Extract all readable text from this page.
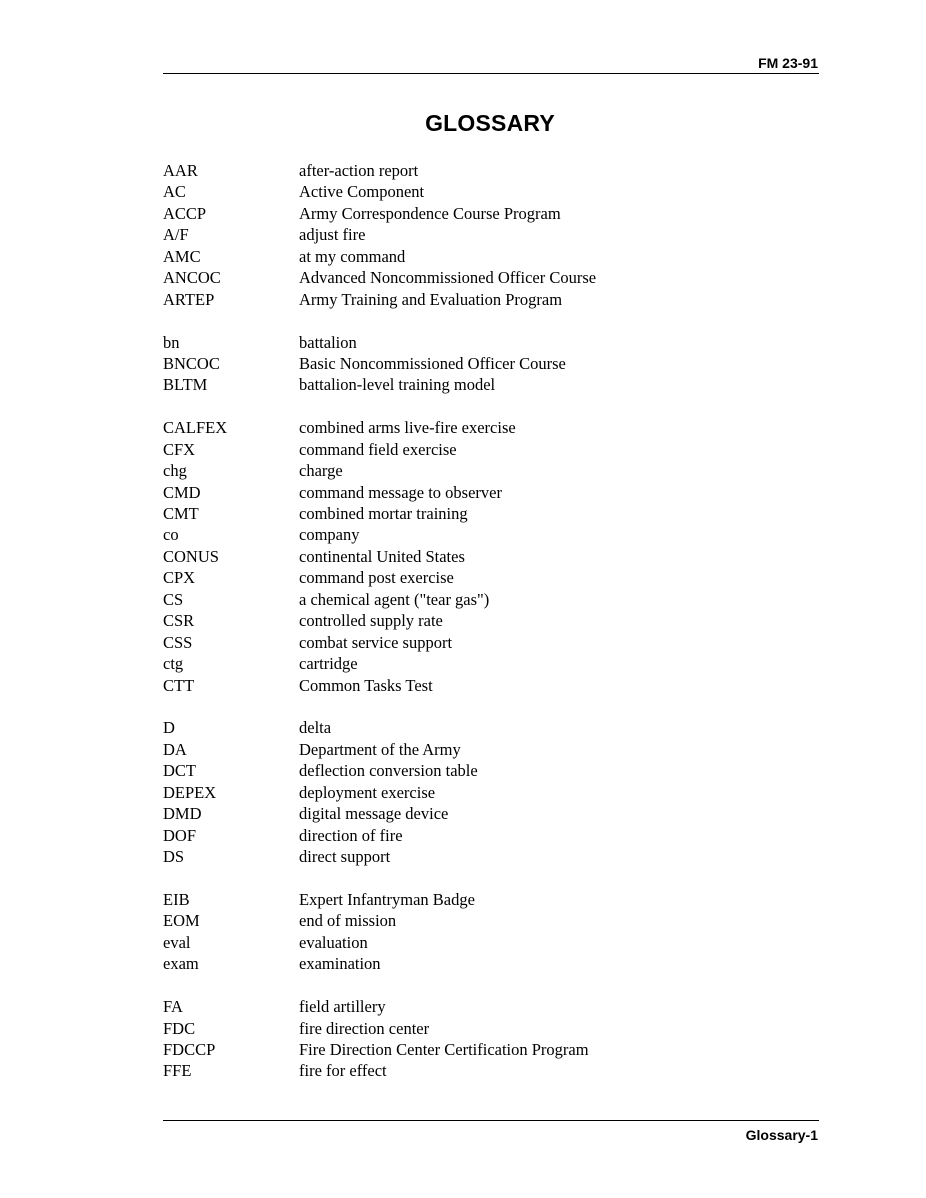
FM 23-91
GLOSSARY
AAR	after-action report
AC	Active Component
ACCP	Army Correspondence Course Program
A/F	adjust fire
AMC	at my command
ANCOC	Advanced Noncommissioned Officer Course
ARTEP	Army Training and Evaluation Program
bn	battalion
BNCOC	Basic Noncommissioned Officer Course
BLTM	battalion-level training model
CALFEX	combined arms live-fire exercise
CFX	command field exercise
chg	charge
CMD	command message to observer
CMT	combined mortar training
co	company
CONUS	continental United States
CPX	command post exercise
CS	a chemical agent ("tear gas")
CSR	controlled supply rate
CSS	combat service support
ctg	cartridge
CTT	Common Tasks Test
D	delta
DA	Department of the Army
DCT	deflection conversion table
DEPEX	deployment exercise
DMD	digital message device
DOF	direction of fire
DS	direct support
EIB	Expert Infantryman Badge
EOM	end of mission
eval	evaluation
exam	examination
FA	field artillery
FDC	fire direction center
FDCCP	Fire Direction Center Certification Program
FFE	fire for effect
Glossary-1
